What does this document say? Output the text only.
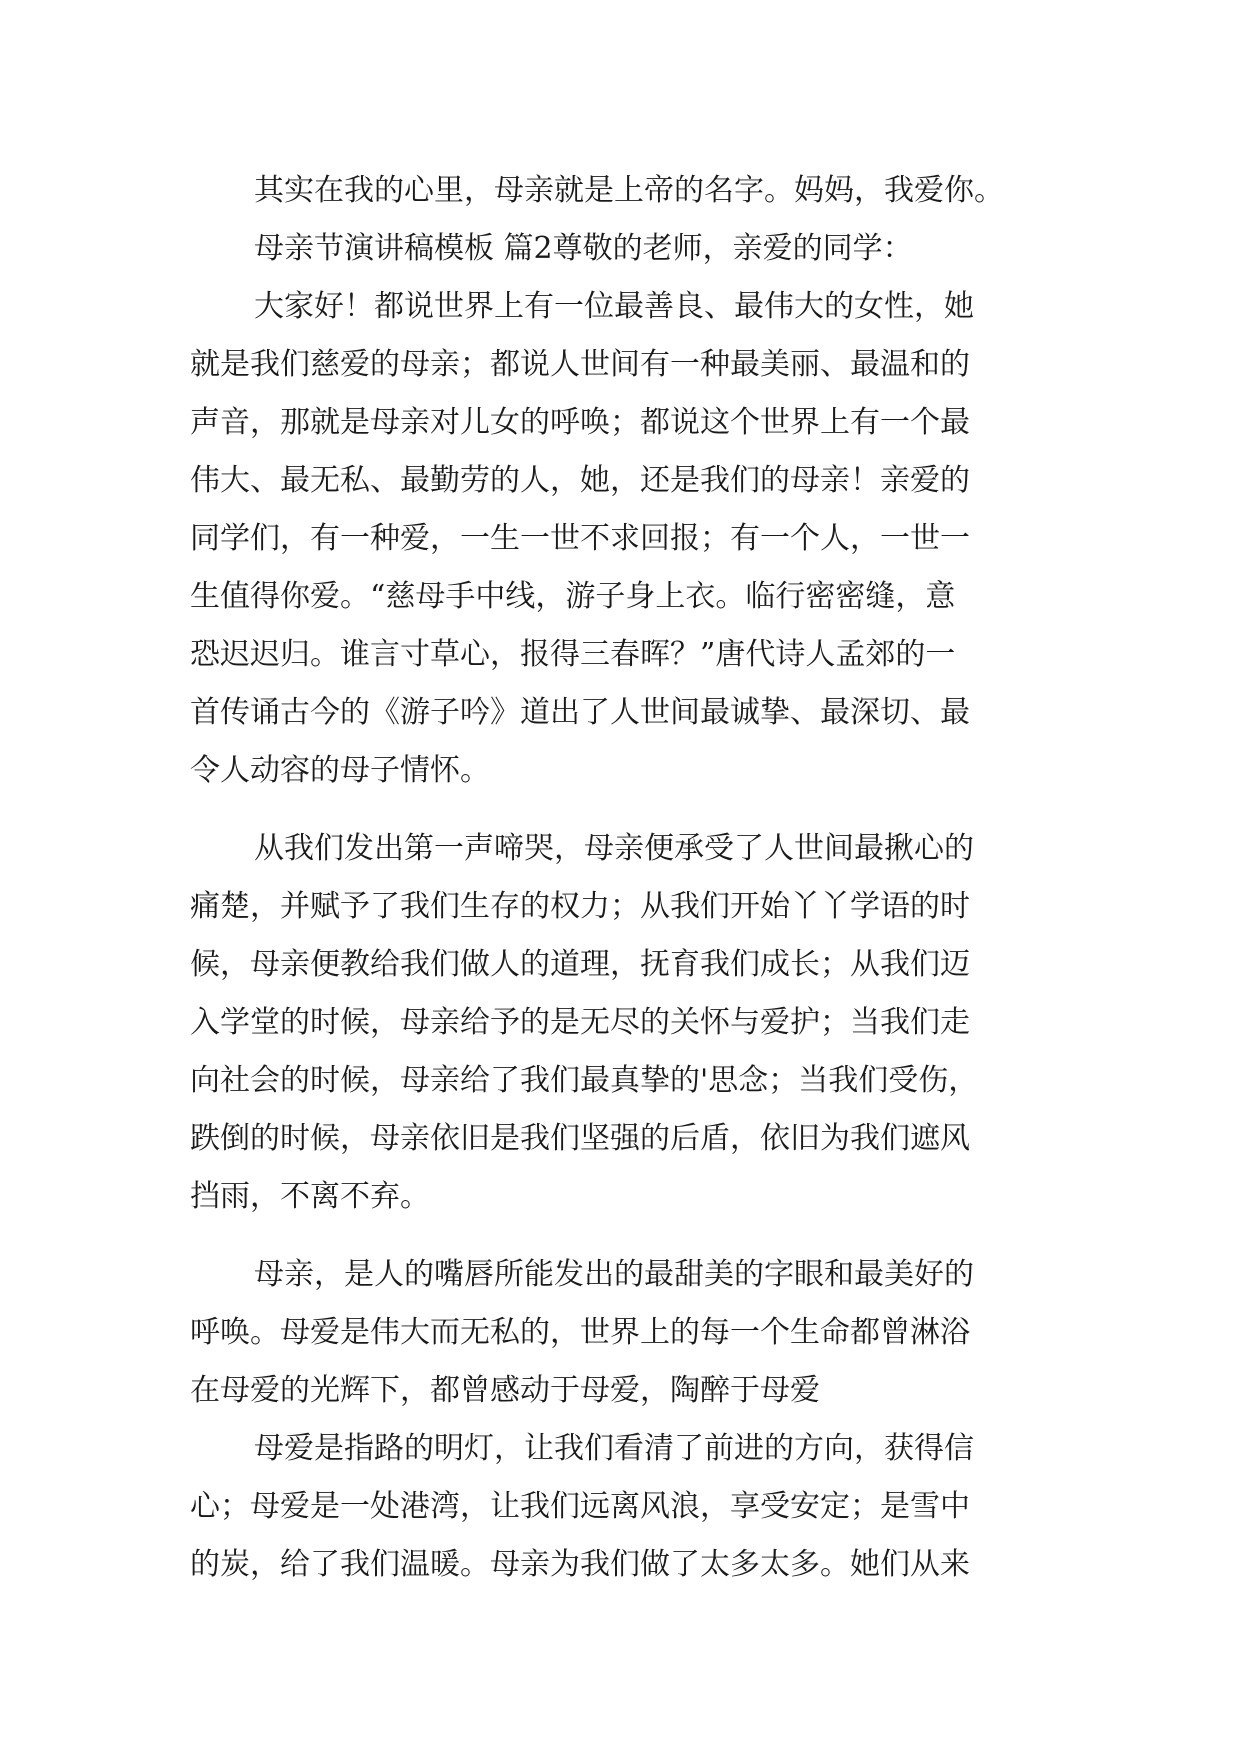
其实在我的心里，母亲就是上帝的名字。妈妈，我爱你。
母亲节演讲稿模板 篇2尊敬的老师，亲爱的同学：
大家好！都说世界上有一位最善良、最伟大的女性，她
就是我们慈爱的母亲；都说人世间有一种最美丽、最温和的
声音，那就是母亲对儿女的呼唤；都说这个世界上有一个最
伟大、最无私、最勤劳的人，她，还是我们的母亲！亲爱的
同学们，有一种爱，一生一世不求回报；有一个人，一世一
生值得你爱。“慈母手中线，游子身上衣。临行密密缝，意
恐迟迟归。谁言寸草心，报得三春晖？”唐代诗人孟郊的一
首传诵古今的《游子吟》道出了人世间最诚挚、最深切、最
令人动容的母子情怀。
从我们发出第一声啼哭，母亲便承受了人世间最揪心的
痛楚，并赋予了我们生存的权力；从我们开始丫丫学语的时
候，母亲便教给我们做人的道理，抚育我们成长；从我们迈
入学堂的时候，母亲给予的是无尽的关怀与爱护；当我们走
向社会的时候，母亲给了我们最真挚的'思念；当我们受伤，
跌倒的时候，母亲依旧是我们坚强的后盾，依旧为我们遮风
挡雨，不离不弃。
母亲，是人的嘴唇所能发出的最甜美的字眼和最美好的
呼唤。母爱是伟大而无私的，世界上的每一个生命都曾淋浴
在母爱的光辉下，都曾感动于母爱，陶醉于母爱
母爱是指路的明灯，让我们看清了前进的方向，获得信
心；母爱是一处港湾，让我们远离风浪，享受安定；是雪中
的炭，给了我们温暖。母亲为我们做了太多太多。她们从来
